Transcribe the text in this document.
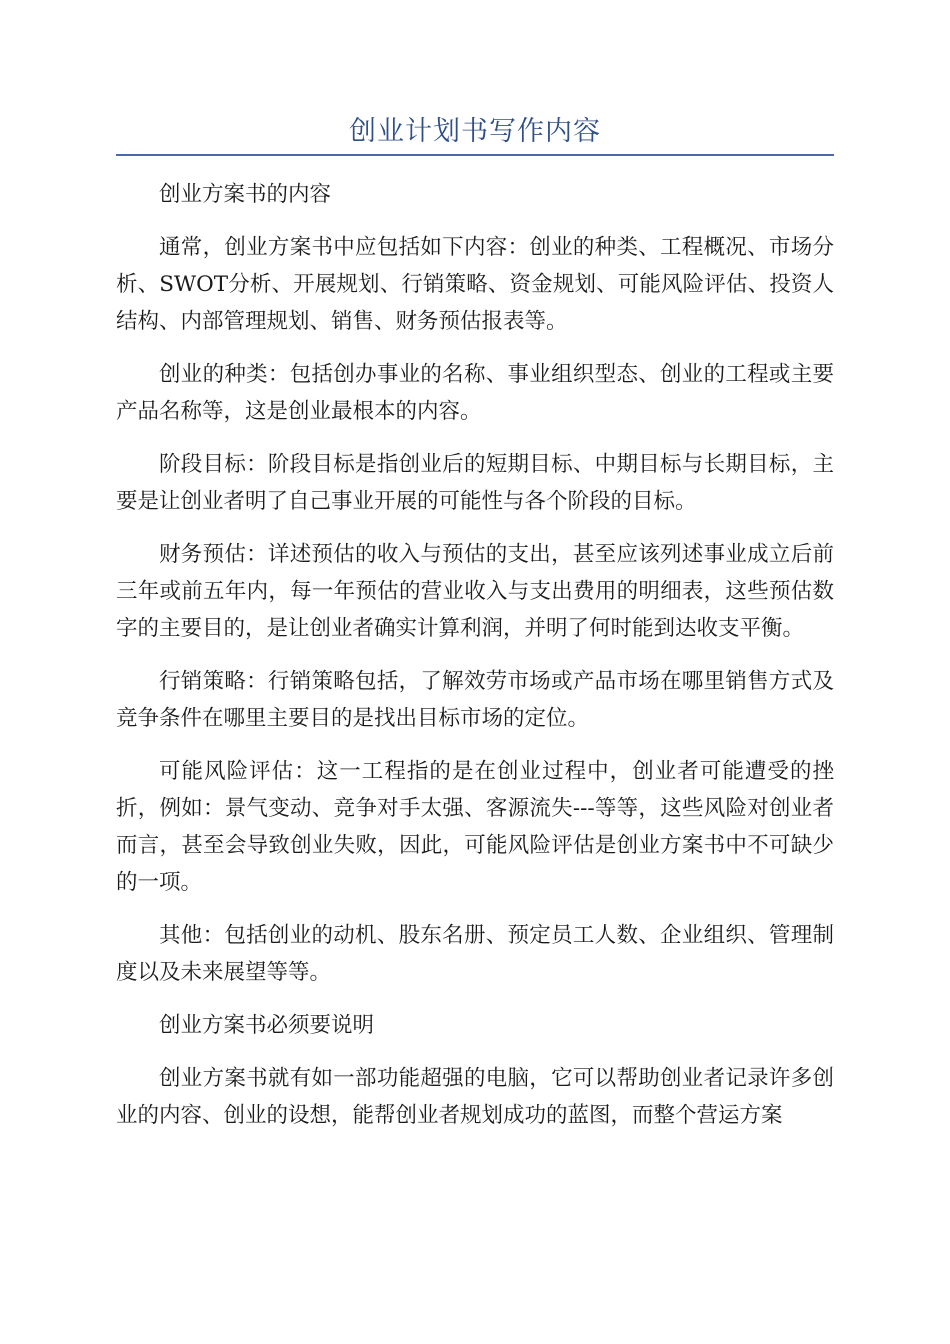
创业计划书写作内容

创业方案书的内容

通常，创业方案书中应包括如下内容：创业的种类、工程概况、市场分析、SWOT分析、开展规划、行销策略、资金规划、可能风险评估、投资人结构、内部管理规划、销售、财务预估报表等。

创业的种类：包括创办事业的名称、事业组织型态、创业的工程或主要产品名称等，这是创业最根本的内容。

阶段目标：阶段目标是指创业后的短期目标、中期目标与长期目标，主要是让创业者明了自己事业开展的可能性与各个阶段的目标。

财务预估：详述预估的收入与预估的支出，甚至应该列述事业成立后前三年或前五年内，每一年预估的营业收入与支出费用的明细表，这些预估数字的主要目的，是让创业者确实计算利润，并明了何时能到达收支平衡。

行销策略：行销策略包括，了解效劳市场或产品市场在哪里销售方式及竞争条件在哪里主要目的是找出目标市场的定位。

可能风险评估：这一工程指的是在创业过程中，创业者可能遭受的挫折，例如：景气变动、竞争对手太强、客源流失---等等，这些风险对创业者而言，甚至会导致创业失败，因此，可能风险评估是创业方案书中不可缺少的一项。

其他：包括创业的动机、股东名册、预定员工人数、企业组织、管理制度以及未来展望等等。

创业方案书必须要说明

创业方案书就有如一部功能超强的电脑，它可以帮助创业者记录许多创业的内容、创业的设想，能帮创业者规划成功的蓝图，而整个营运方案
